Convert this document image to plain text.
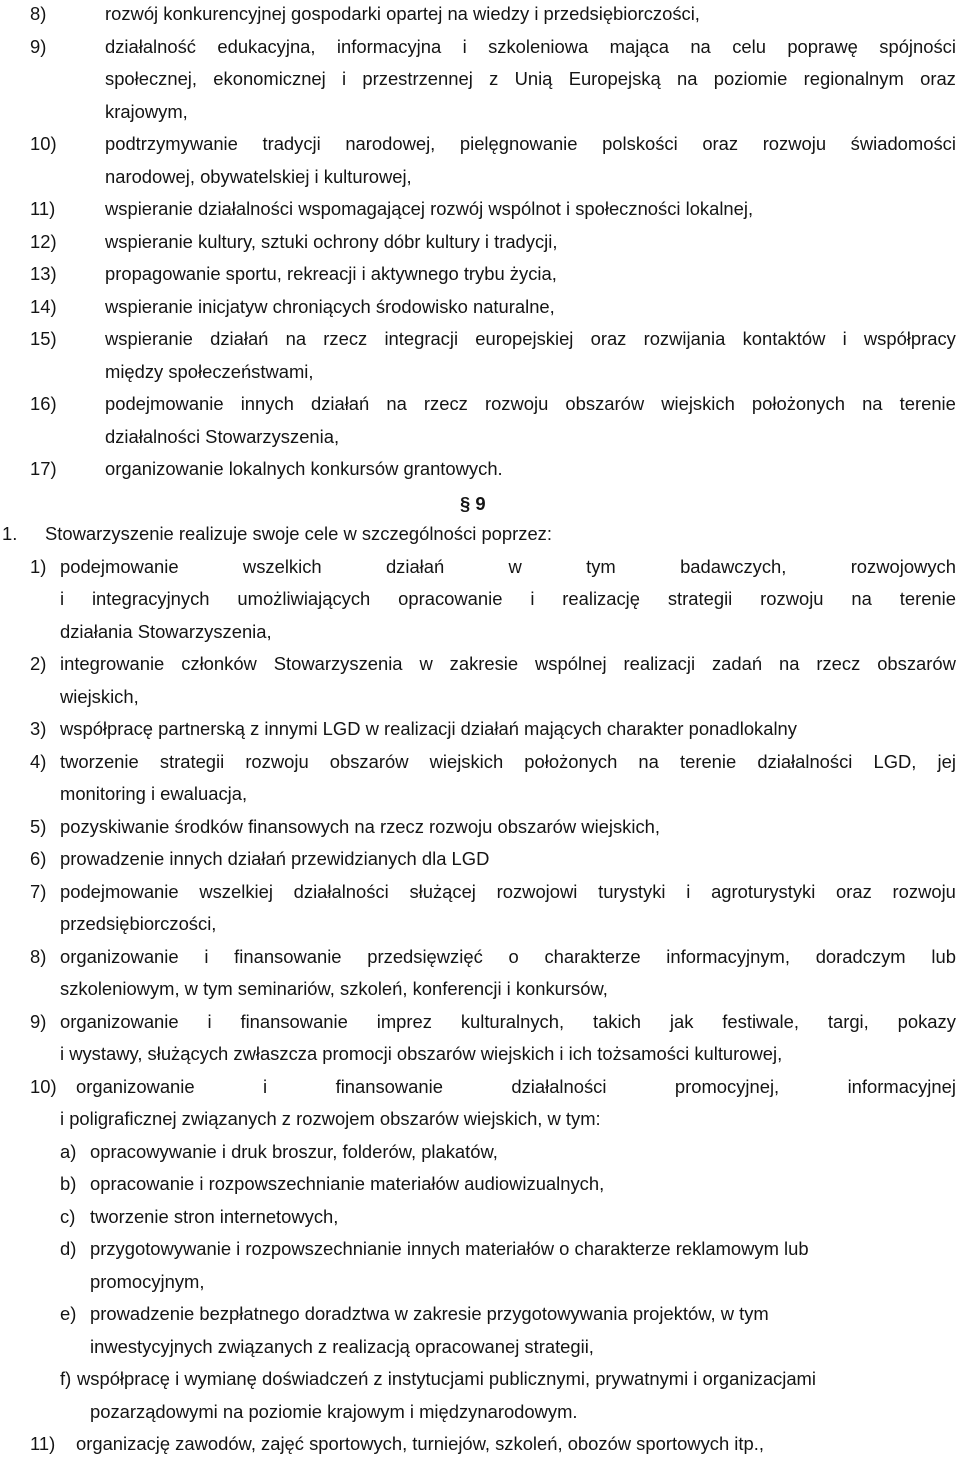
8)	rozwój konkurencyjnej gospodarki opartej na wiedzy i przedsiębiorczości,
9)	działalność edukacyjna, informacyjna i szkoleniowa mająca na celu poprawę spójności
społecznej, ekonomicznej i przestrzennej z Unią Europejską na poziomie regionalnym oraz
krajowym,
10)	podtrzymywanie tradycji narodowej, pielęgnowanie polskości oraz rozwoju świadomości
narodowej, obywatelskiej i kulturowej,
11)	wspieranie działalności wspomagającej rozwój wspólnot i społeczności lokalnej,
12)	wspieranie kultury, sztuki ochrony dóbr kultury i tradycji,
13)	propagowanie sportu, rekreacji i aktywnego trybu życia,
14)	wspieranie inicjatyw chroniących środowisko naturalne,
15)	wspieranie działań na rzecz integracji europejskiej oraz rozwijania kontaktów i współpracy
między społeczeństwami,
16)	podejmowanie innych działań na rzecz rozwoju obszarów wiejskich położonych na terenie
działalności Stowarzyszenia,
17)	organizowanie lokalnych konkursów grantowych.
§ 9
1. Stowarzyszenie realizuje swoje cele w szczególności poprzez:
1) podejmowanie	wszelkich	działań	w	tym	badawczych,	rozwojowych
i integracyjnych umożliwiających opracowanie i realizację strategii rozwoju na terenie
działania Stowarzyszenia,
2) integrowanie członków Stowarzyszenia w zakresie wspólnej realizacji zadań na rzecz obszarów
wiejskich,
3) współpracę partnerską z innymi LGD w realizacji działań mających charakter ponadlokalny
4) tworzenie strategii rozwoju obszarów wiejskich położonych na terenie działalności LGD, jej
monitoring i ewaluacja,
5) pozyskiwanie środków finansowych na rzecz rozwoju obszarów wiejskich,
6) prowadzenie innych działań przewidzianych dla LGD
7) podejmowanie wszelkiej działalności służącej rozwojowi turystyki i agroturystyki oraz rozwoju
przedsiębiorczości,
8) organizowanie i finansowanie przedsięwzięć o charakterze informacyjnym, doradczym lub
szkoleniowym, w tym seminariów, szkoleń, konferencji i konkursów,
9) organizowanie i finansowanie imprez kulturalnych, takich jak festiwale, targi, pokazy
i wystawy, służących zwłaszcza promocji obszarów wiejskich i ich tożsamości kulturowej,
10) organizowanie	i	finansowanie	działalności	promocyjnej,	informacyjnej
i poligraficznej związanych z rozwojem obszarów wiejskich, w tym:
a) opracowywanie i druk broszur, folderów, plakatów,
b) opracowanie i rozpowszechnianie materiałów audiowizualnych,
c) tworzenie stron internetowych,
d) przygotowywanie i rozpowszechnianie innych materiałów o charakterze reklamowym lub
promocyjnym,
e) prowadzenie bezpłatnego doradztwa w zakresie przygotowywania projektów, w tym
inwestycyjnych związanych z realizacją opracowanej strategii,
f) współpracę i wymianę doświadczeń z instytucjami publicznymi, prywatnymi i organizacjami
pozarządowymi na poziomie krajowym i międzynarodowym.
11) organizację zawodów, zajęć sportowych, turniejów, szkoleń, obozów sportowych itp.,
